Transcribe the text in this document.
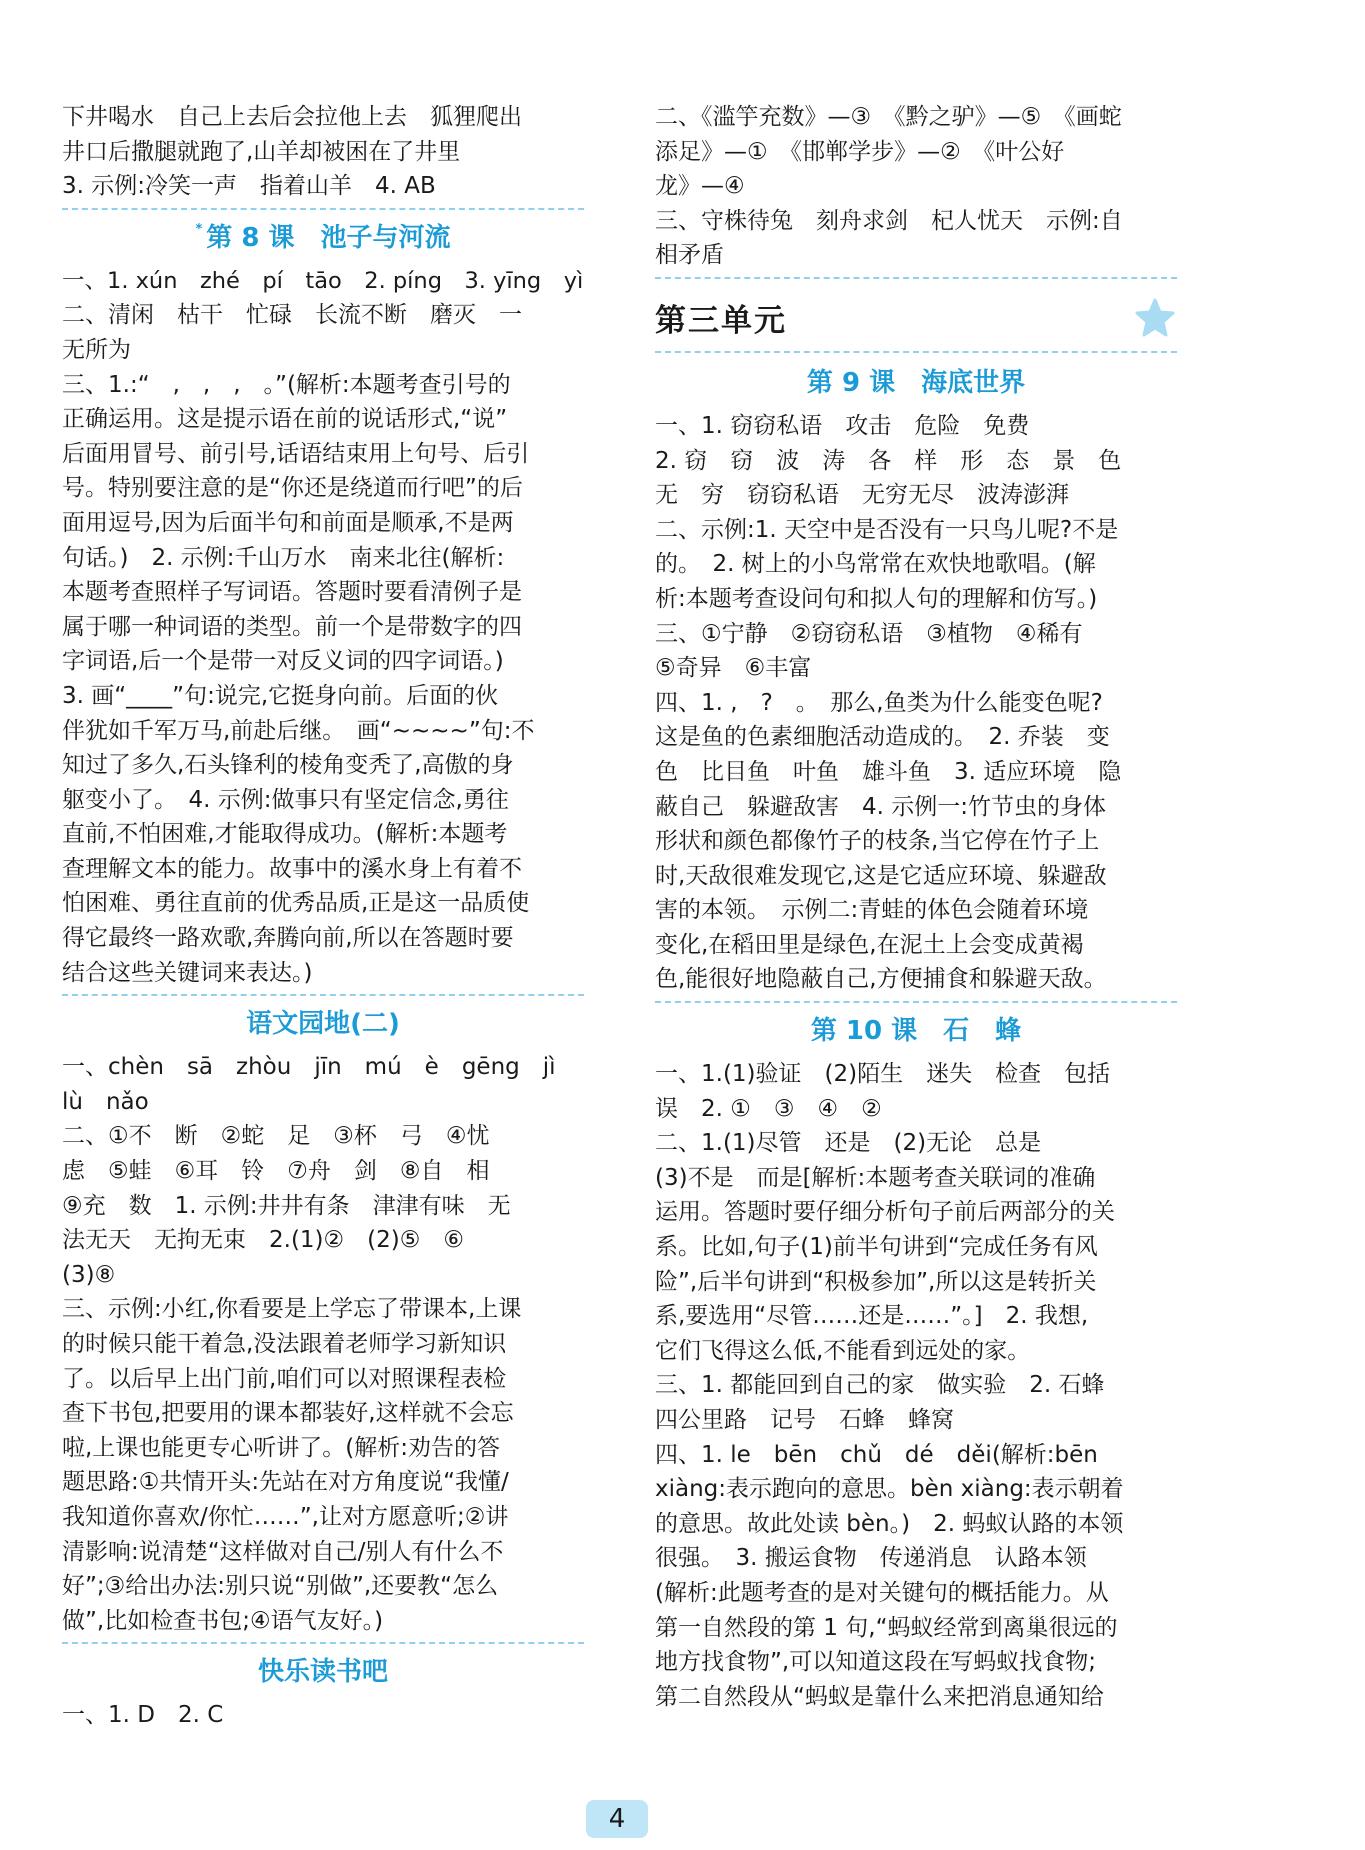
下井喝水　自己上去后会拉他上去　狐狸爬出
井口后撒腿就跑了,山羊却被困在了井里
3. 示例:冷笑一声　指着山羊　4. AB
* 第 8 课　池子与河流
一、1. xún　zhé　pí　tāo　2. píng　3. yīng　yì
二、清闲　枯干　忙碌　长流不断　磨灭　一
无所为
三、1.:“　,　,　,　。”(解析:本题考查引号的
正确运用。这是提示语在前的说话形式,“说”
后面用冒号、前引号,话语结束用上句号、后引
号。特别要注意的是“你还是绕道而行吧”的后
面用逗号,因为后面半句和前面是顺承,不是两
句话。)　2. 示例:千山万水　南来北往(解析:
本题考查照样子写词语。答题时要看清例子是
属于哪一种词语的类型。前一个是带数字的四
字词语,后一个是带一对反义词的四字词语。)
3. 画“____”句:说完,它挺身向前。后面的伙
伴犹如千军万马,前赴后继。　画“~~~~”句:不
知过了多久,石头锋利的棱角变秃了,高傲的身
躯变小了。　4. 示例:做事只有坚定信念,勇往
直前,不怕困难,才能取得成功。(解析:本题考
查理解文本的能力。故事中的溪水身上有着不
怕困难、勇往直前的优秀品质,正是这一品质使
得它最终一路欢歌,奔腾向前,所以在答题时要
结合这些关键词来表达。)
语文园地(二)
一、chèn　sā　zhòu　jīn　mú　è　gēng　jì
lù　nǎo
二、①不　断　②蛇　足　③杯　弓　④忧
虑　⑤蛙　⑥耳　铃　⑦舟　剑　⑧自　相
⑨充　数　1. 示例:井井有条　津津有味　无
法无天　无拘无束　2.(1)②　(2)⑤　⑥
(3)⑧
三、示例:小红,你看要是上学忘了带课本,上课
的时候只能干着急,没法跟着老师学习新知识
了。以后早上出门前,咱们可以对照课程表检
查下书包,把要用的课本都装好,这样就不会忘
啦,上课也能更专心听讲了。(解析:劝告的答
题思路:①共情开头:先站在对方角度说“我懂/
我知道你喜欢/你忙……”,让对方愿意听;②讲
清影响:说清楚“这样做对自己/别人有什么不
好”;③给出办法:别只说“别做”,还要教“怎么
做”,比如检查书包;④语气友好。)
快乐读书吧
一、1. D　2. C
二、《滥竽充数》—③　《黔之驴》—⑤　《画蛇
添足》—①　《邯郸学步》—②　《叶公好
龙》—④
三、守株待兔　刻舟求剑　杞人忧天　示例:自
相矛盾
第三单元
第 9 课　海底世界
一、1. 窃窃私语　攻击　危险　免费
2. 窃　窃　波　涛　各　样　形　态　景　色
无　穷　窃窃私语　无穷无尽　波涛澎湃
二、示例:1. 天空中是否没有一只鸟儿呢?不是
的。　2. 树上的小鸟常常在欢快地歌唱。(解
析:本题考查设问句和拟人句的理解和仿写。)
三、①宁静　②窃窃私语　③植物　④稀有
⑤奇异　⑥丰富
四、1. ,　?　。　那么,鱼类为什么能变色呢?
这是鱼的色素细胞活动造成的。　2. 乔装　变
色　比目鱼　叶鱼　雄斗鱼　3. 适应环境　隐
蔽自己　躲避敌害　4. 示例一:竹节虫的身体
形状和颜色都像竹子的枝条,当它停在竹子上
时,天敌很难发现它,这是它适应环境、躲避敌
害的本领。　示例二:青蛙的体色会随着环境
变化,在稻田里是绿色,在泥土上会变成黄褐
色,能很好地隐蔽自己,方便捕食和躲避天敌。
第 10 课　石　蜂
一、1.(1)验证　(2)陌生　迷失　检查　包括
误　2. ①　③　④　②
二、1.(1)尽管　还是　(2)无论　总是
(3)不是　而是[解析:本题考查关联词的准确
运用。答题时要仔细分析句子前后两部分的关
系。比如,句子(1)前半句讲到“完成任务有风
险”,后半句讲到“积极参加”,所以这是转折关
系,要选用“尽管……还是……”。]　2. 我想,
它们飞得这么低,不能看到远处的家。
三、1. 都能回到自己的家　做实验　2. 石蜂
四公里路　记号　石蜂　蜂窝
四、1. le　bēn　chǔ　dé　děi(解析:bēn
xiàng:表示跑向的意思。bèn xiàng:表示朝着
的意思。故此处读 bèn。)　2. 蚂蚁认路的本领
很强。　3. 搬运食物　传递消息　认路本领
(解析:此题考查的是对关键句的概括能力。从
第一自然段的第 1 句,“蚂蚁经常到离巢很远的
地方找食物”,可以知道这段在写蚂蚁找食物;
第二自然段从“蚂蚁是靠什么来把消息通知给
4
